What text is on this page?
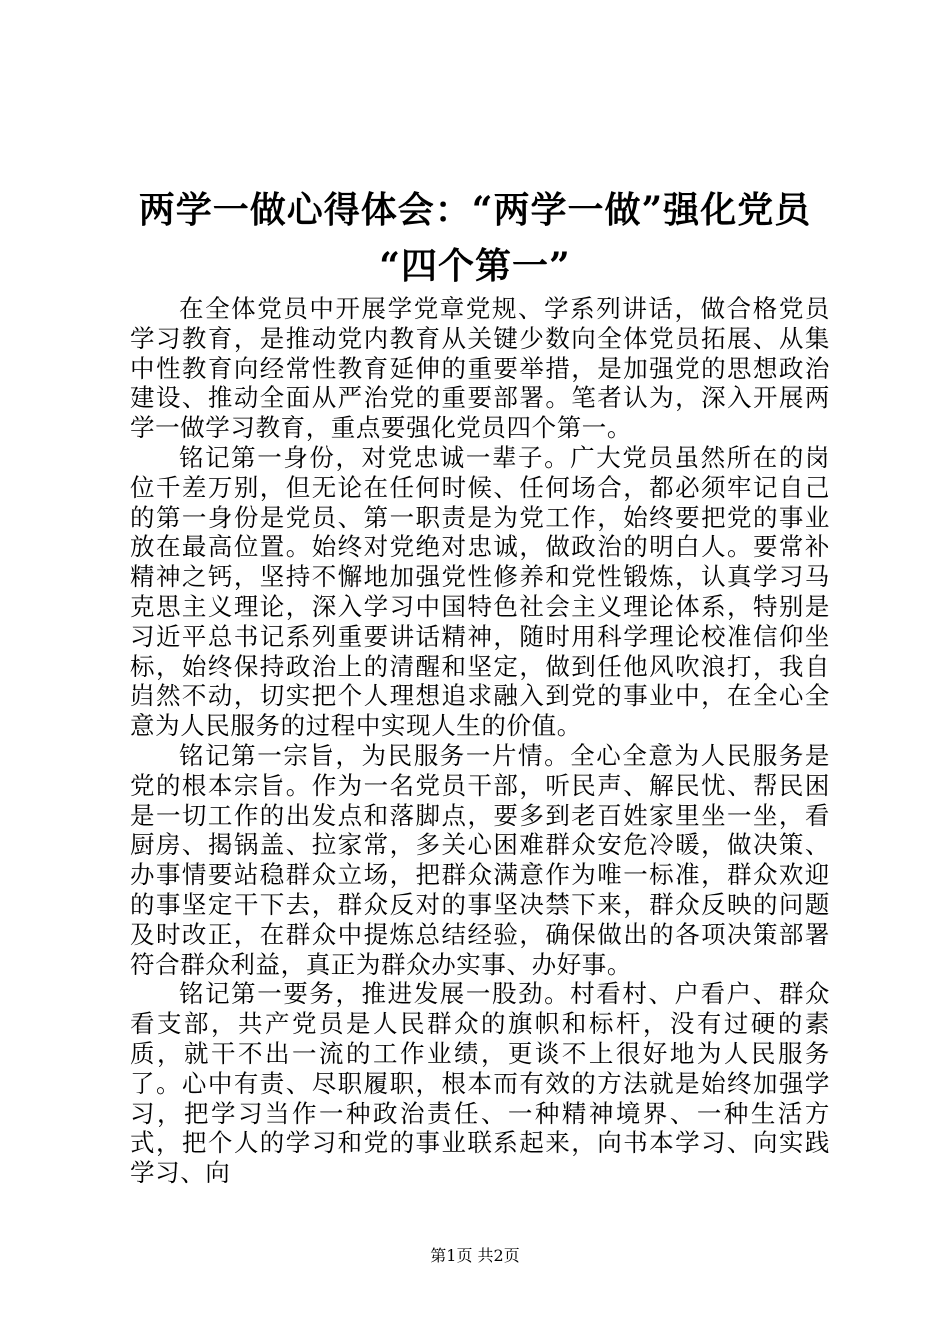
两学一做心得体会：“两学一做”强化党员
“四个第一”

在全体党员中开展学党章党规、学系列讲话，做合格党员学习教育，是推动党内教育从关键少数向全体党员拓展、从集中性教育向经常性教育延伸的重要举措，是加强党的思想政治建设、推动全面从严治党的重要部署。笔者认为，深入开展两学一做学习教育，重点要强化党员四个第一。

铭记第一身份，对党忠诚一辈子。广大党员虽然所在的岗位千差万别，但无论在任何时候、任何场合，都必须牢记自己的第一身份是党员、第一职责是为党工作，始终要把党的事业放在最高位置。始终对党绝对忠诚，做政治的明白人。要常补精神之钙，坚持不懈地加强党性修养和党性锻炼，认真学习马克思主义理论，深入学习中国特色社会主义理论体系，特别是习近平总书记系列重要讲话精神，随时用科学理论校准信仰坐标，始终保持政治上的清醒和坚定，做到任他风吹浪打，我自岿然不动，切实把个人理想追求融入到党的事业中，在全心全意为人民服务的过程中实现人生的价值。

铭记第一宗旨，为民服务一片情。全心全意为人民服务是党的根本宗旨。作为一名党员干部，听民声、解民忧、帮民困是一切工作的出发点和落脚点，要多到老百姓家里坐一坐，看厨房、揭锅盖、拉家常，多关心困难群众安危冷暖，做决策、办事情要站稳群众立场，把群众满意作为唯一标准，群众欢迎的事坚定干下去，群众反对的事坚决禁下来，群众反映的问题及时改正，在群众中提炼总结经验，确保做出的各项决策部署符合群众利益，真正为群众办实事、办好事。

铭记第一要务，推进发展一股劲。村看村、户看户、群众看支部，共产党员是人民群众的旗帜和标杆，没有过硬的素质，就干不出一流的工作业绩，更谈不上很好地为人民服务了。心中有责、尽职履职，根本而有效的方法就是始终加强学习，把学习当作一种政治责任、一种精神境界、一种生活方式，把个人的学习和党的事业联系起来，向书本学习、向实践学习、向

第1页 共2页
